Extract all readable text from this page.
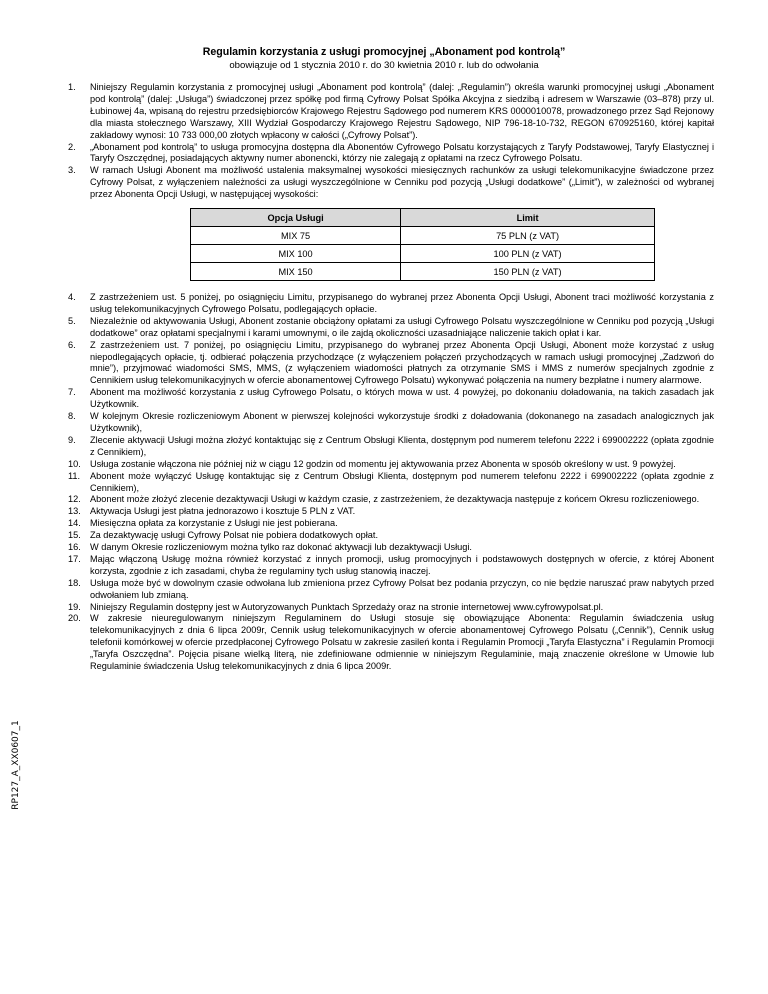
Regulamin korzystania z usługi promocyjnej „Abonament pod kontrolą”
obowiązuje od 1 stycznia 2010 r. do 30 kwietnia 2010 r. lub do odwołania
1.	Niniejszy Regulamin korzystania z promocyjnej usługi „Abonament pod kontrolą” (dalej: „Regulamin”) określa warunki promocyjnej usługi „Abonament pod kontrolą” (dalej: „Usługa”) świadczonej przez spółkę pod firmą Cyfrowy Polsat Spółka Akcyjna z siedzibą i adresem w Warszawie (03–878) przy ul. Łubinowej 4a, wpisaną do rejestru przedsiębiorców Krajowego Rejestru Sądowego pod numerem KRS 0000010078, prowadzonego przez Sąd Rejonowy dla miasta stołecznego Warszawy, XIII Wydział Gospodarczy Krajowego Rejestru Sądowego, NIP 796-18-10-732, REGON 670925160, której kapitał zakładowy wynosi: 10 733 000,00 złotych wpłacony w całości („Cyfrowy Polsat”).
2.	„Abonament pod kontrolą” to usługa promocyjna dostępna dla Abonentów Cyfrowego Polsatu korzystających z Taryfy Podstawowej, Taryfy Elastycznej i Taryfy Oszczędnej, posiadających aktywny numer abonencki, którzy nie zalegają z opłatami na rzecz Cyfrowego Polsatu.
3.	W ramach Usługi Abonent ma możliwość ustalenia maksymalnej wysokości miesięcznych rachunków za usługi telekomunikacyjne świadczone przez Cyfrowy Polsat, z wyłączeniem należności za usługi wyszczególnione w Cenniku pod pozycją „Usługi dodatkowe” („Limit”), w zależności od wybranej przez Abonenta Opcji Usługi, w następującej wysokości:
Opcja Usługi	Limit
MIX 75	75 PLN (z VAT)
MIX 100	100 PLN (z VAT)
MIX 150	150 PLN (z VAT)
4.	Z zastrzeżeniem ust. 5 poniżej, po osiągnięciu Limitu, przypisanego do wybranej przez Abonenta Opcji Usługi, Abonent traci możliwość korzystania z usług telekomunikacyjnych Cyfrowego Polsatu, podlegających opłacie.
5.	Niezależnie od aktywowania Usługi, Abonent zostanie obciążony opłatami za usługi Cyfrowego Polsatu wyszczególnione w Cenniku pod pozycją „Usługi dodatkowe” oraz opłatami specjalnymi i karami umownymi, o ile zajdą okoliczności uzasadniające naliczenie takich opłat i kar.
6.	Z zastrzeżeniem ust. 7 poniżej, po osiągnięciu Limitu, przypisanego do wybranej przez Abonenta Opcji Usługi, Abonent może korzystać z usług niepodlegających opłacie, tj. odbierać połączenia przychodzące (z wyłączeniem połączeń przychodzących w ramach usługi promocyjnej „Zadzwoń do mnie”), przyjmować wiadomości SMS, MMS, (z wyłączeniem wiadomości płatnych za otrzymanie SMS i MMS z numerów specjalnych zgodnie z Cennikiem usług telekomunikacyjnych w ofercie abonamentowej Cyfrowego Polsatu) wykonywać połączenia na numery bezpłatne i numery alarmowe.
7.	Abonent ma możliwość korzystania z usług Cyfrowego Polsatu, o których mowa w ust. 4 powyżej, po dokonaniu doładowania, na takich zasadach jak Użytkownik.
8.	W kolejnym Okresie rozliczeniowym Abonent w pierwszej kolejności wykorzystuje środki z doładowania (dokonanego na zasadach analogicznych jak Użytkownik),
9.	Zlecenie aktywacji Usługi można złożyć kontaktując się z Centrum Obsługi Klienta, dostępnym pod numerem telefonu 2222 i 699002222 (opłata zgodnie z Cennikiem),
10.	Usługa zostanie włączona nie później niż w ciągu 12 godzin od momentu jej aktywowania przez Abonenta w sposób określony w ust. 9 powyżej.
11.	Abonent może wyłączyć Usługę kontaktując się z Centrum Obsługi Klienta, dostępnym pod numerem telefonu 2222 i 699002222 (opłata zgodnie z Cennikiem),
12.	Abonent może złożyć zlecenie dezaktywacji Usługi w każdym czasie, z zastrzeżeniem, że dezaktywacja następuje z końcem Okresu rozliczeniowego.
13.	Aktywacja Usługi jest płatna jednorazowo i kosztuje 5 PLN z VAT.
14.	Miesięczna opłata za korzystanie z Usługi nie jest pobierana.
15.	Za dezaktywację usługi Cyfrowy Polsat nie pobiera dodatkowych opłat.
16.	W danym Okresie rozliczeniowym można tylko raz dokonać aktywacji lub dezaktywacji Usługi.
17.	Mając włączoną Usługę można również korzystać z innych promocji, usług promocyjnych i podstawowych dostępnych w ofercie, z której Abonent korzysta, zgodnie z ich zasadami, chyba że regulaminy tych usług stanowią inaczej.
18.	Usługa może być w dowolnym czasie odwołana lub zmieniona przez Cyfrowy Polsat bez podania przyczyn, co nie będzie naruszać praw nabytych przed odwołaniem lub zmianą.
19.	Niniejszy Regulamin dostępny jest w Autoryzowanych Punktach Sprzedaży oraz na stronie internetowej www.cyfrowypolsat.pl.
20.	W zakresie nieuregulowanym niniejszym Regulaminem do Usługi stosuje się obowiązujące Abonenta: Regulamin świadczenia usług telekomunikacyjnych z dnia 6 lipca 2009r, Cennik usług telekomunikacyjnych w ofercie abonamentowej Cyfrowego Polsatu („Cennik”), Cennik usług telefonii komórkowej w ofercie przedpłaconej Cyfrowego Polsatu w zakresie zasileń konta i Regulamin Promocji „Taryfa Elastyczna” i Regulamin Promocji „Taryfa Oszczędna”. Pojęcia pisane wielką literą, nie zdefiniowane odmiennie w niniejszym Regulaminie, mają znaczenie określone w Umowie lub Regulaminie świadczenia Usług telekomunikacyjnych z dnia 6 lipca 2009r.
RP127_A_XX0607_1
